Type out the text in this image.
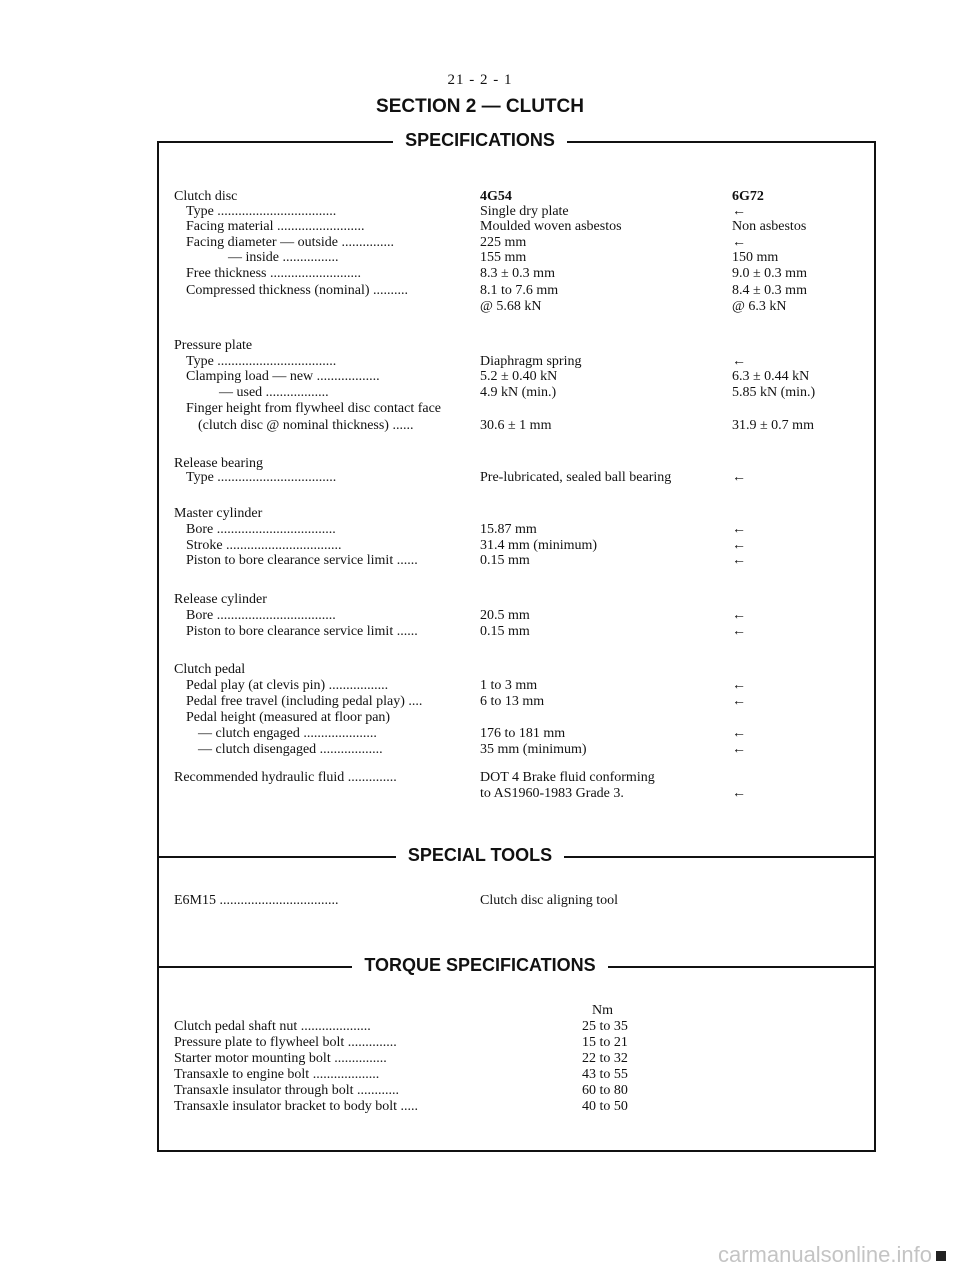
21 - 2 - 1
SECTION 2 — CLUTCH
SPECIFICATIONS
SPECIAL TOOLS
TORQUE SPECIFICATIONS
Clutch disc	4G54	6G72
Type ..................................	Single dry plate	←
Facing material .........................	Moulded woven asbestos	Non asbestos
Facing diameter — outside ...............	225 mm	←
— inside ................	155 mm	150 mm
Free thickness ..........................	8.3 ± 0.3 mm	9.0 ± 0.3 mm
Compressed thickness (nominal) ..........	8.1 to 7.6 mm	8.4 ± 0.3 mm
@ 5.68 kN	@ 6.3 kN
Pressure plate
Type ..................................	Diaphragm spring	←
Clamping load — new ..................	5.2 ± 0.40 kN	6.3 ± 0.44 kN
— used ..................	4.9 kN (min.)	5.85 kN (min.)
Finger height from flywheel disc contact face
(clutch disc @ nominal thickness) ......	30.6 ± 1 mm	31.9 ± 0.7 mm
Release bearing
Type ..................................	Pre-lubricated, sealed ball bearing	←
Master cylinder
Bore ..................................	15.87 mm	←
Stroke .................................	31.4 mm (minimum)	←
Piston to bore clearance service limit ......	0.15 mm	←
Release cylinder
Bore ..................................	20.5 mm	←
Piston to bore clearance service limit ......	0.15 mm	←
Clutch pedal
Pedal play (at clevis pin) .................	1 to 3 mm	←
Pedal free travel (including pedal play) ....	6 to 13 mm	←
Pedal height (measured at floor pan)
— clutch engaged .....................	176 to 181 mm	←
— clutch disengaged ..................	35 mm (minimum)	←
Recommended hydraulic fluid ..............	DOT 4 Brake fluid conforming
to AS1960-1983 Grade 3.	←
E6M15 ..................................	Clutch disc aligning tool
Nm
Clutch pedal shaft nut ....................	25 to 35
Pressure plate to flywheel bolt ..............	15 to 21
Starter motor mounting bolt ...............	22 to 32
Transaxle to engine bolt ...................	43 to 55
Transaxle insulator through bolt ............	60 to 80
Transaxle insulator bracket to body bolt .....	40 to 50
carmanualsonline.info
